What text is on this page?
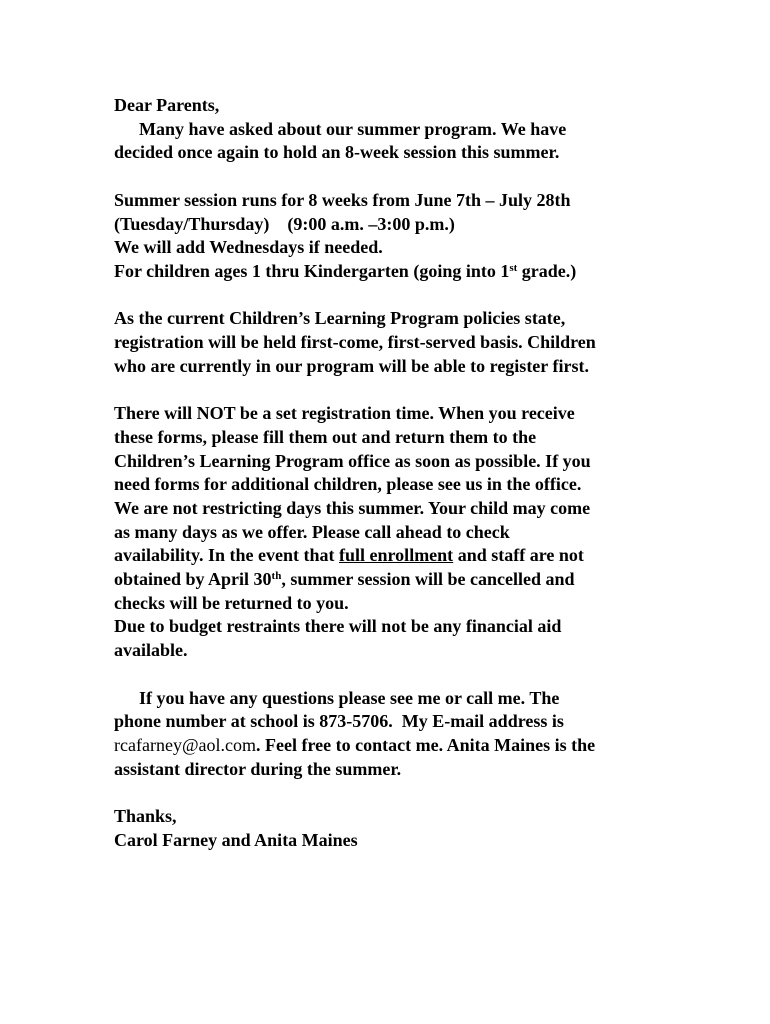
Dear Parents,
Many have asked about our summer program. We have
decided once again to hold an 8-week session this summer.
Summer session runs for 8 weeks from June 7th – July 28th
(Tuesday/Thursday)    (9:00 a.m. –3:00 p.m.)
We will add Wednesdays if needed.
For children ages 1 thru Kindergarten (going into 1st grade.)
As the current Children’s Learning Program policies state,
registration will be held first-come, first-served basis. Children
who are currently in our program will be able to register first.
There will NOT be a set registration time. When you receive
these forms, please fill them out and return them to the
Children’s Learning Program office as soon as possible. If you
need forms for additional children, please see us in the office.
We are not restricting days this summer. Your child may come
as many days as we offer. Please call ahead to check
availability. In the event that full enrollment and staff are not
obtained by April 30th, summer session will be cancelled and
checks will be returned to you.
Due to budget restraints there will not be any financial aid
available.
If you have any questions please see me or call me. The
phone number at school is 873-5706.  My E-mail address is
rcafarney@aol.com. Feel free to contact me. Anita Maines is the
assistant director during the summer.
Thanks,
Carol Farney and Anita Maines
